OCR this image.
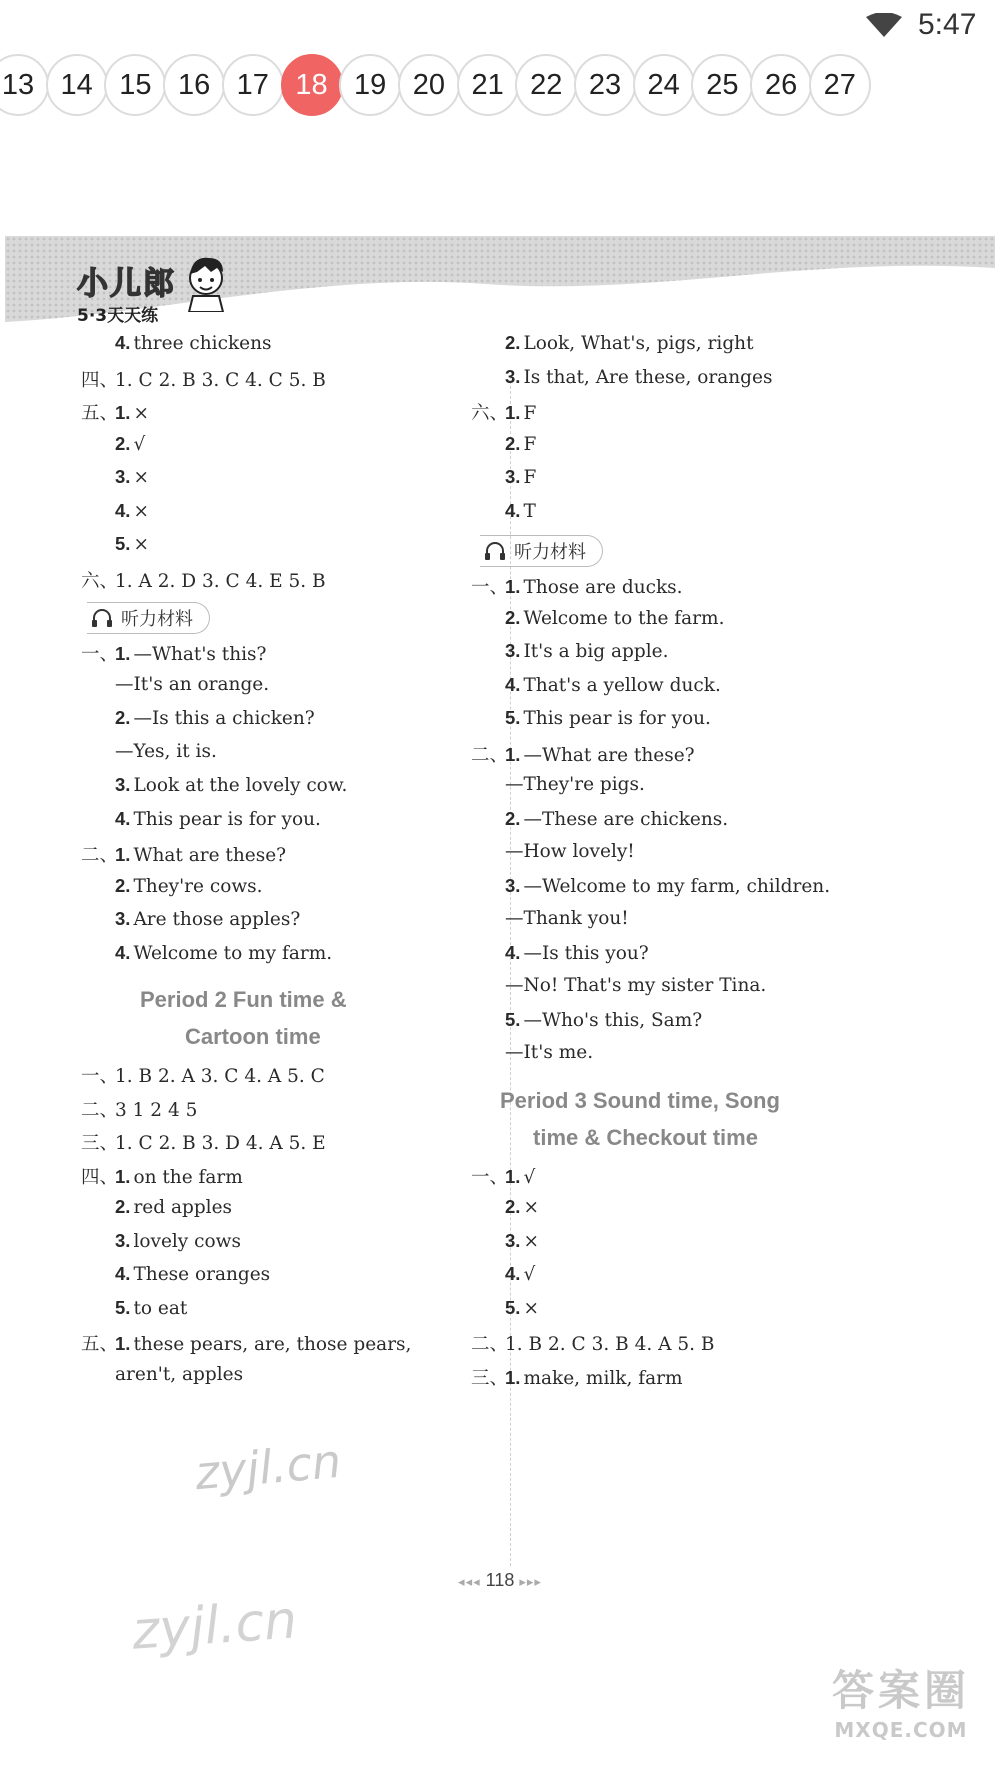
5:47
13 14 15 16 17 18 19 20 21 22 23 24 25 26 27
小儿郎
5·3天天练
4. three chickens
四、1. C 2. B 3. C 4. C 5. B
五、1. ×
2. √
3. ×
4. ×
5. ×
六、1. A 2. D 3. C 4. E 5. B
听力材料
一、1. —What's this?
—It's an orange.
2. —Is this a chicken?
—Yes, it is.
3. Look at the lovely cow.
4. This pear is for you.
二、1. What are these?
2. They're cows.
3. Are those apples?
4. Welcome to my farm.
Period 2 Fun time &
Cartoon time
一、1. B 2. A 3. C 4. A 5. C
二、3 1 2 4 5
三、1. C 2. B 3. D 4. A 5. E
四、1. on the farm
2. red apples
3. lovely cows
4. These oranges
5. to eat
五、1. these pears, are, those pears,
aren't, apples
2. Look, What's, pigs, right
3. Is that, Are these, oranges
六、1. F
2. F
3. F
4. T
听力材料
一、1. Those are ducks.
2. Welcome to the farm.
3. It's a big apple.
4. That's a yellow duck.
5. This pear is for you.
二、1. —What are these?
—They're pigs.
2. —These are chickens.
—How lovely!
3. —Welcome to my farm, children.
—Thank you!
4. —Is this you?
—No! That's my sister Tina.
5. —Who's this, Sam?
—It's me.
Period 3 Sound time, Song
time & Checkout time
一、1. √
2. ×
3. ×
4. √
5. ×
二、1. B 2. C 3. B 4. A 5. B
三、1. make, milk, farm
zyjl.cn
◂◂◂ 118 ▸▸▸
zyjl.cn
答案圈
MXQE.COM
